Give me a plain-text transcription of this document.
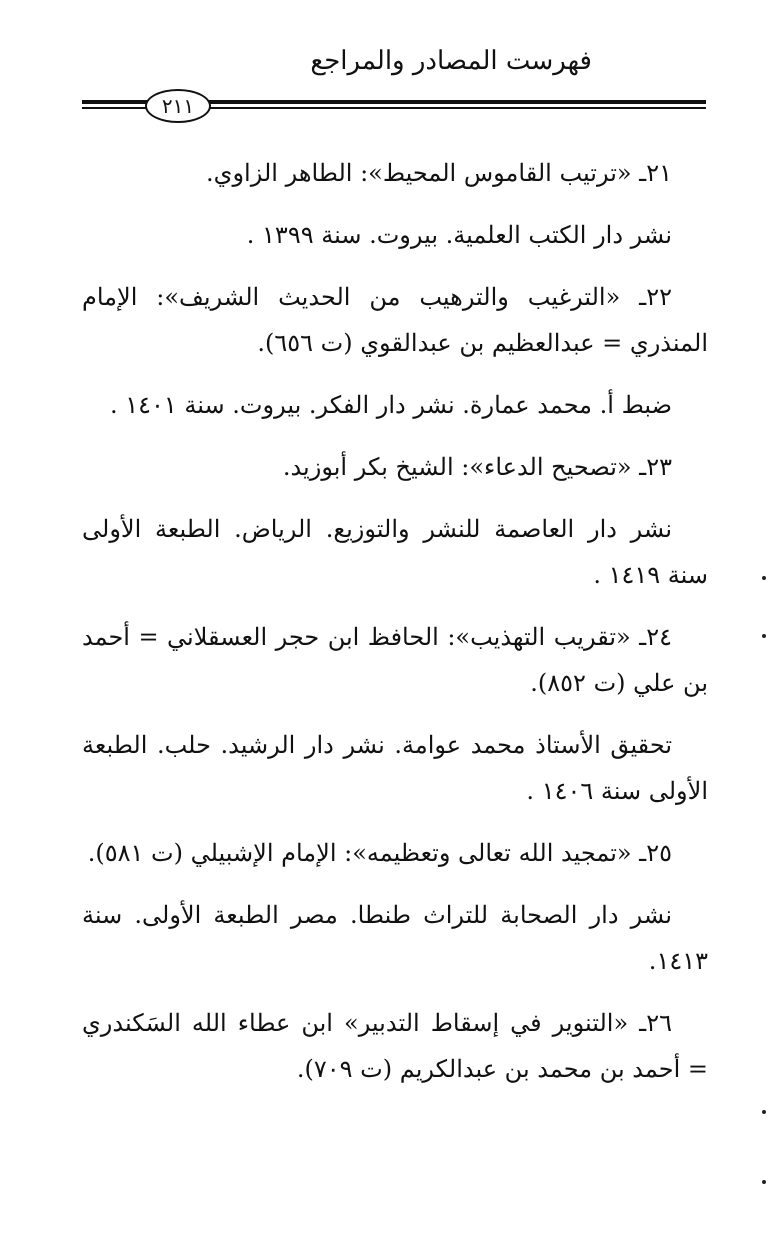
فهرست المصادر والمراجع
٢١١

٢١ـ «ترتيب القاموس المحيط»: الطاهر الزاوي.

نشر دار الكتب العلمية. بيروت. سنة ١٣٩٩ .

٢٢ـ «الترغيب والترهيب من الحديث الشريف»: الإمام المنذري = عبدالعظيم بن عبدالقوي (ت ٦٥٦).

ضبط أ. محمد عمارة. نشر دار الفكر. بيروت. سنة ١٤٠١ .

٢٣ـ «تصحيح الدعاء»: الشيخ بكر أبوزيد.

نشر دار العاصمة للنشر والتوزيع. الرياض. الطبعة الأولى سنة ١٤١٩ .

٢٤ـ «تقريب التهذيب»: الحافظ ابن حجر العسقلاني = أحمد بن علي (ت ٨٥٢).

تحقيق الأستاذ محمد عوامة. نشر دار الرشيد. حلب. الطبعة الأولى سنة ١٤٠٦ .

٢٥ـ «تمجيد الله تعالى وتعظيمه»: الإمام الإشبيلي (ت ٥٨١).

نشر دار الصحابة للتراث طنطا. مصر الطبعة الأولى. سنة ١٤١٣.

٢٦ـ «التنوير في إسقاط التدبير» ابن عطاء الله السَكندري = أحمد بن محمد بن عبدالكريم (ت ٧٠٩).
